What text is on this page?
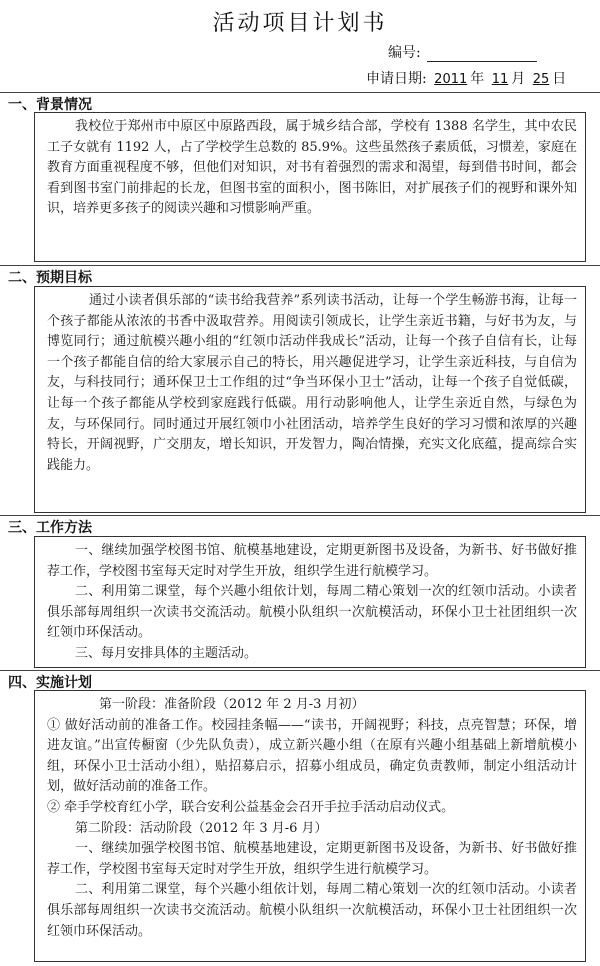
活动项目计划书
编号:
申请日期: 2011 年 11 月 25 日
一、背景情况

我校位于郑州市中原区中原路西段，属于城乡结合部，学校有 1388 名学生，其中农民工子女就有 1192 人，占了学校学生总数的 85.9%。这些虽然孩子素质低，习惯差，家庭在教育方面重视程度不够，但他们对知识，对书有着强烈的需求和渴望，每到借书时间，都会看到图书室门前排起的长龙，但图书室的面积小，图书陈旧，对扩展孩子们的视野和课外知识，培养更多孩子的阅读兴趣和习惯影响严重。

二、预期目标

通过小读者俱乐部的“读书给我营养”系列读书活动，让每一个学生畅游书海，让每一个孩子都能从浓浓的书香中汲取营养。用阅读引领成长，让学生亲近书籍，与好书为友，与博览同行；通过航模兴趣小组的“红领巾活动伴我成长”活动，让每一个孩子自信有长，让每一个孩子都能自信的给大家展示自己的特长，用兴趣促进学习，让学生亲近科技，与自信为友，与科技同行；通环保卫士工作组的过“争当环保小卫士”活动，让每一个孩子自觉低碳，让每一个孩子都能从学校到家庭践行低碳。用行动影响他人，让学生亲近自然，与绿色为友，与环保同行。同时通过开展红领巾小社团活动，培养学生良好的学习习惯和浓厚的兴趣特长，开阔视野，广交朋友，增长知识，开发智力，陶冶情操，充实文化底蕴，提高综合实践能力。

三、工作方法

一、继续加强学校图书馆、航模基地建设，定期更新图书及设备，为新书、好书做好推荐工作，学校图书室每天定时对学生开放，组织学生进行航模学习。

二、利用第二课堂，每个兴趣小组依计划，每周二精心策划一次的红领巾活动。小读者俱乐部每周组织一次读书交流活动。航模小队组织一次航模活动，环保小卫士社团组织一次红领巾环保活动。

三、每月安排具体的主题活动。

四、实施计划

第一阶段：准备阶段（2012 年 2 月-3 月初）

① 做好活动前的准备工作。校园挂条幅——“读书，开阔视野；科技，点亮智慧；环保，增进友谊。”出宣传橱窗（少先队负责），成立新兴趣小组（在原有兴趣小组基础上新增航模小组，环保小卫士活动小组），贴招募启示，招募小组成员，确定负责教师，制定小组活动计划，做好活动前的准备工作。

② 牵手学校育红小学，联合安利公益基金会召开手拉手活动启动仪式。

第二阶段：活动阶段（2012 年 3 月-6 月）

一、继续加强学校图书馆、航模基地建设，定期更新图书及设备，为新书、好书做好推荐工作，学校图书室每天定时对学生开放，组织学生进行航模学习。

二、利用第二课堂，每个兴趣小组依计划，每周二精心策划一次的红领巾活动。小读者俱乐部每周组织一次读书交流活动。航模小队组织一次航模活动，环保小卫士社团组织一次红领巾环保活动。
